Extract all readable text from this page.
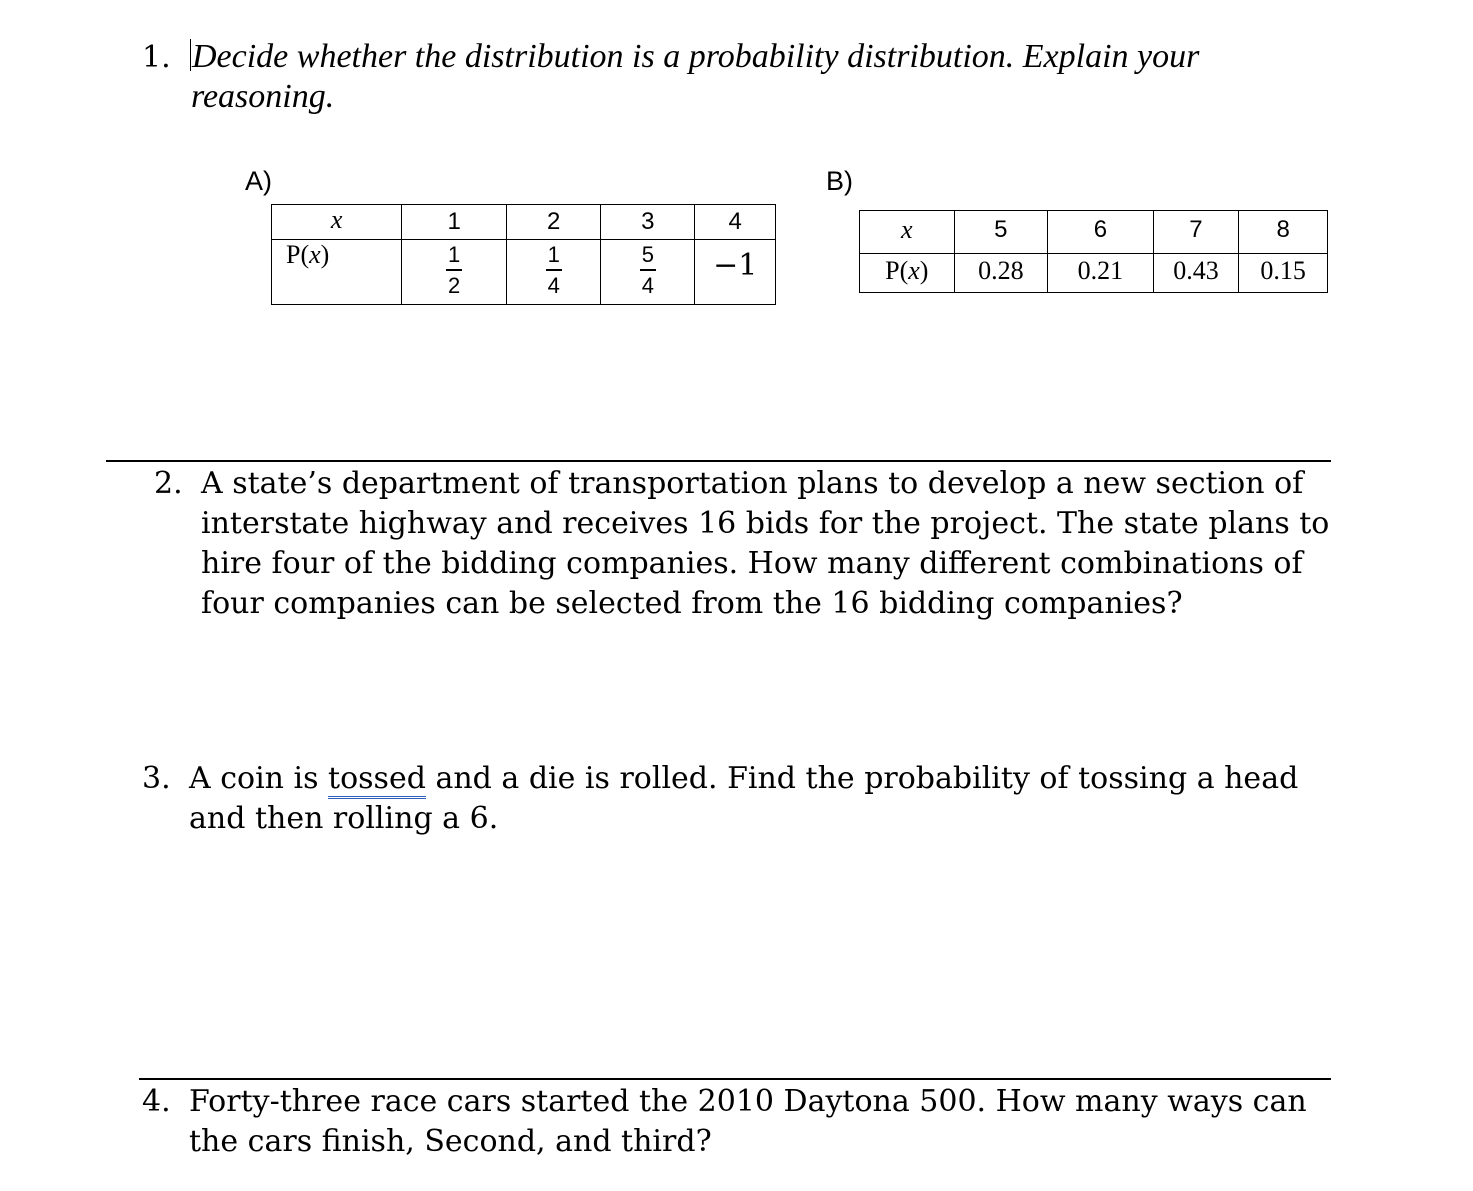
1. Decide whether the distribution is a probability distribution. Explain your
reasoning.
A)
x	1	2	3	4
P(x)	$\frac{1}{2}$	$\frac{1}{4}$	$\frac{5}{4}$	−1
B)
x	5	6	7	8
P(x)	0.28	0.21	0.43	0.15
2. A state’s department of transportation plans to develop a new section of
interstate highway and receives 16 bids for the project. The state plans to
hire four of the bidding companies. How many different combinations of
four companies can be selected from the 16 bidding companies?
3. A coin is tossed and a die is rolled. Find the probability of tossing a head
and then rolling a 6.
4. Forty-three race cars started the 2010 Daytona 500. How many ways can
the cars finish, Second, and third?
